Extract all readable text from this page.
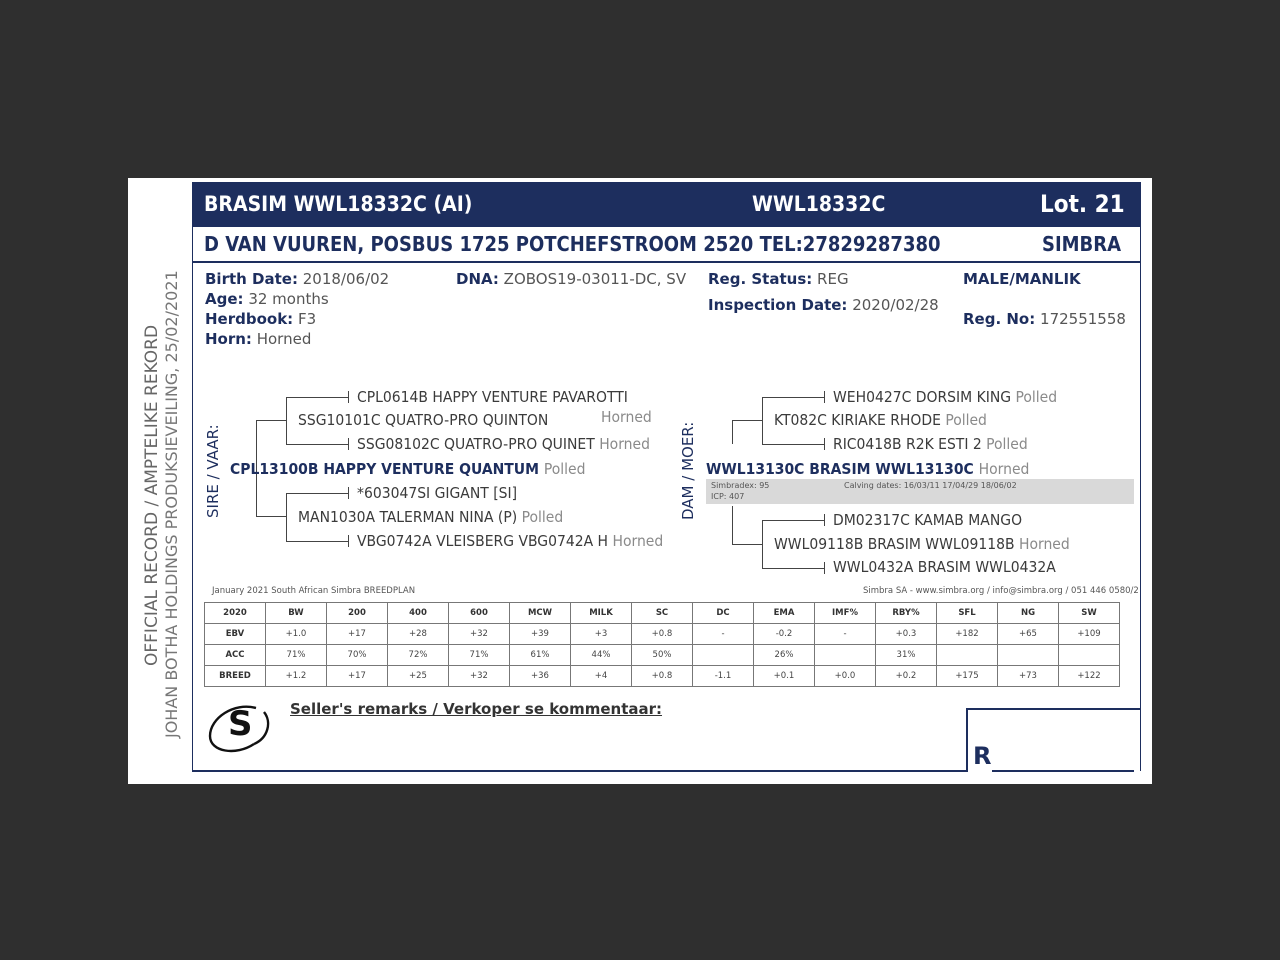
BRASIM WWL18332C (AI)	WWL18332C	Lot. 21
D VAN VUUREN, POSBUS 1725 POTCHEFSTROOM 2520 TEL:27829287380	SIMBRA
OFFICIAL RECORD / AMPTELIKE REKORD JOHAN BOTHA HOLDINGS PRODUKSIEVEILING, 25/02/2021 Birth Date: 2018/06/02
Age: 32 months
Herdbook: F3
Horn: Horned
DNA: ZOBOS19-03011-DC, SV Reg. Status: REG
Inspection Date: 2020/02/28
MALE/MANLIK
Reg. No: 172551558
SIRE / VAAR:	DAM / MOER:
CPL0614B HAPPY VENTURE PAVAROTTI
SSG10101C QUATRO-PRO QUINTON	Horned
SSG08102C QUATRO-PRO QUINET Horned
CPL13100B HAPPY VENTURE QUANTUM Polled
*603047SI GIGANT [SI]
MAN1030A TALERMAN NINA (P) Polled
VBG0742A VLEISBERG VBG0742A H Horned
WEH0427C DORSIM KING Polled
KT082C KIRIAKE RHODE Polled
RIC0418B R2K ESTI 2 Polled
WWL13130C BRASIM WWL13130C Horned
Simbradex: 95
ICP: 407
Calving dates: 16/03/11 17/04/29 18/06/02
DM02317C KAMAB MANGO
WWL09118B BRASIM WWL09118B Horned
WWL0432A BRASIM WWL0432A
January 2021 South African Simbra BREEDPLAN	Simbra SA - www.simbra.org / info@simbra.org / 051 446 0580/2
2020	BW	200	400	600	MCW	MILK	SC	DC	EMA	IMF%	RBY%	SFL	NG	SW
EBV	+1.0	+17	+28	+32	+39	+3	+0.8	-	-0.2	-	+0.3	+182	+65	+109
ACC	71%	70%	72%	71%	61%	44%	50%		26%		31%			
BREED	+1.2	+17	+25	+32	+36	+4	+0.8	-1.1	+0.1	+0.0	+0.2	+175	+73	+122
S	Seller's remarks / Verkoper se kommentaar:
R
